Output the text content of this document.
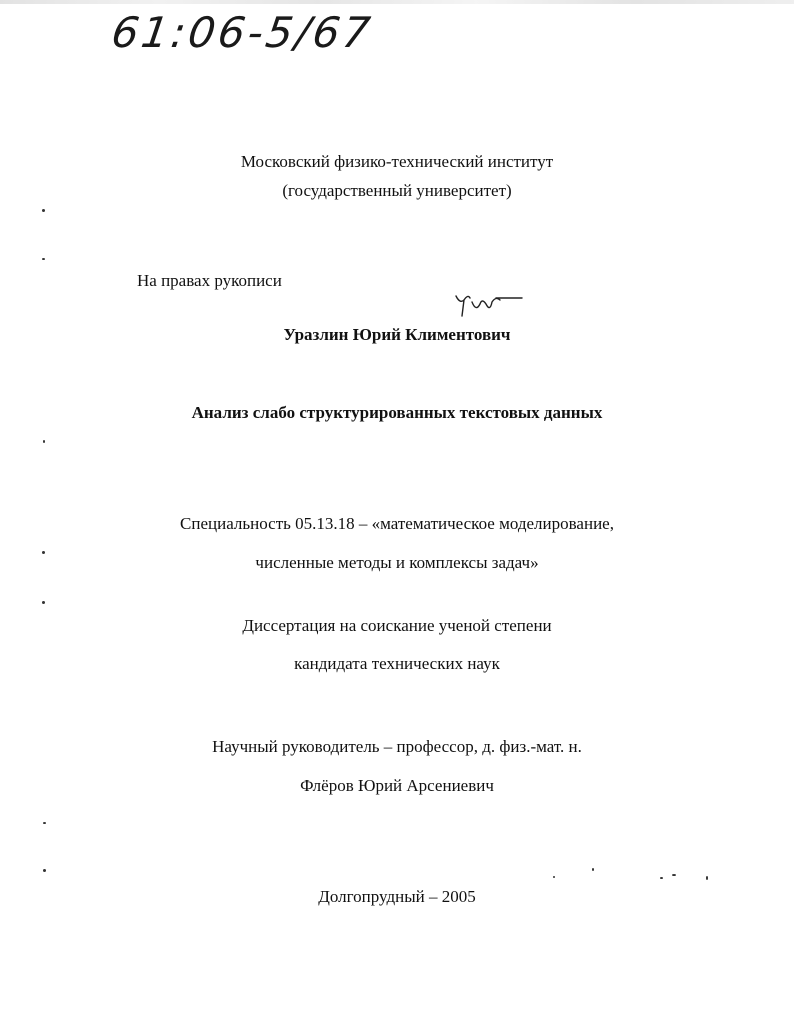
61:06-5/67
Московский физико-технический институт
(государственный университет)
На правах рукописи
Уразлин Юрий Климентович
Анализ слабо структурированных текстовых данных
Специальность 05.13.18 – «математическое моделирование,
численные методы и комплексы задач»
Диссертация на соискание ученой степени
кандидата технических наук
Научный руководитель – профессор, д. физ.-мат. н.
Флёров Юрий Арсениевич
Долгопрудный – 2005
